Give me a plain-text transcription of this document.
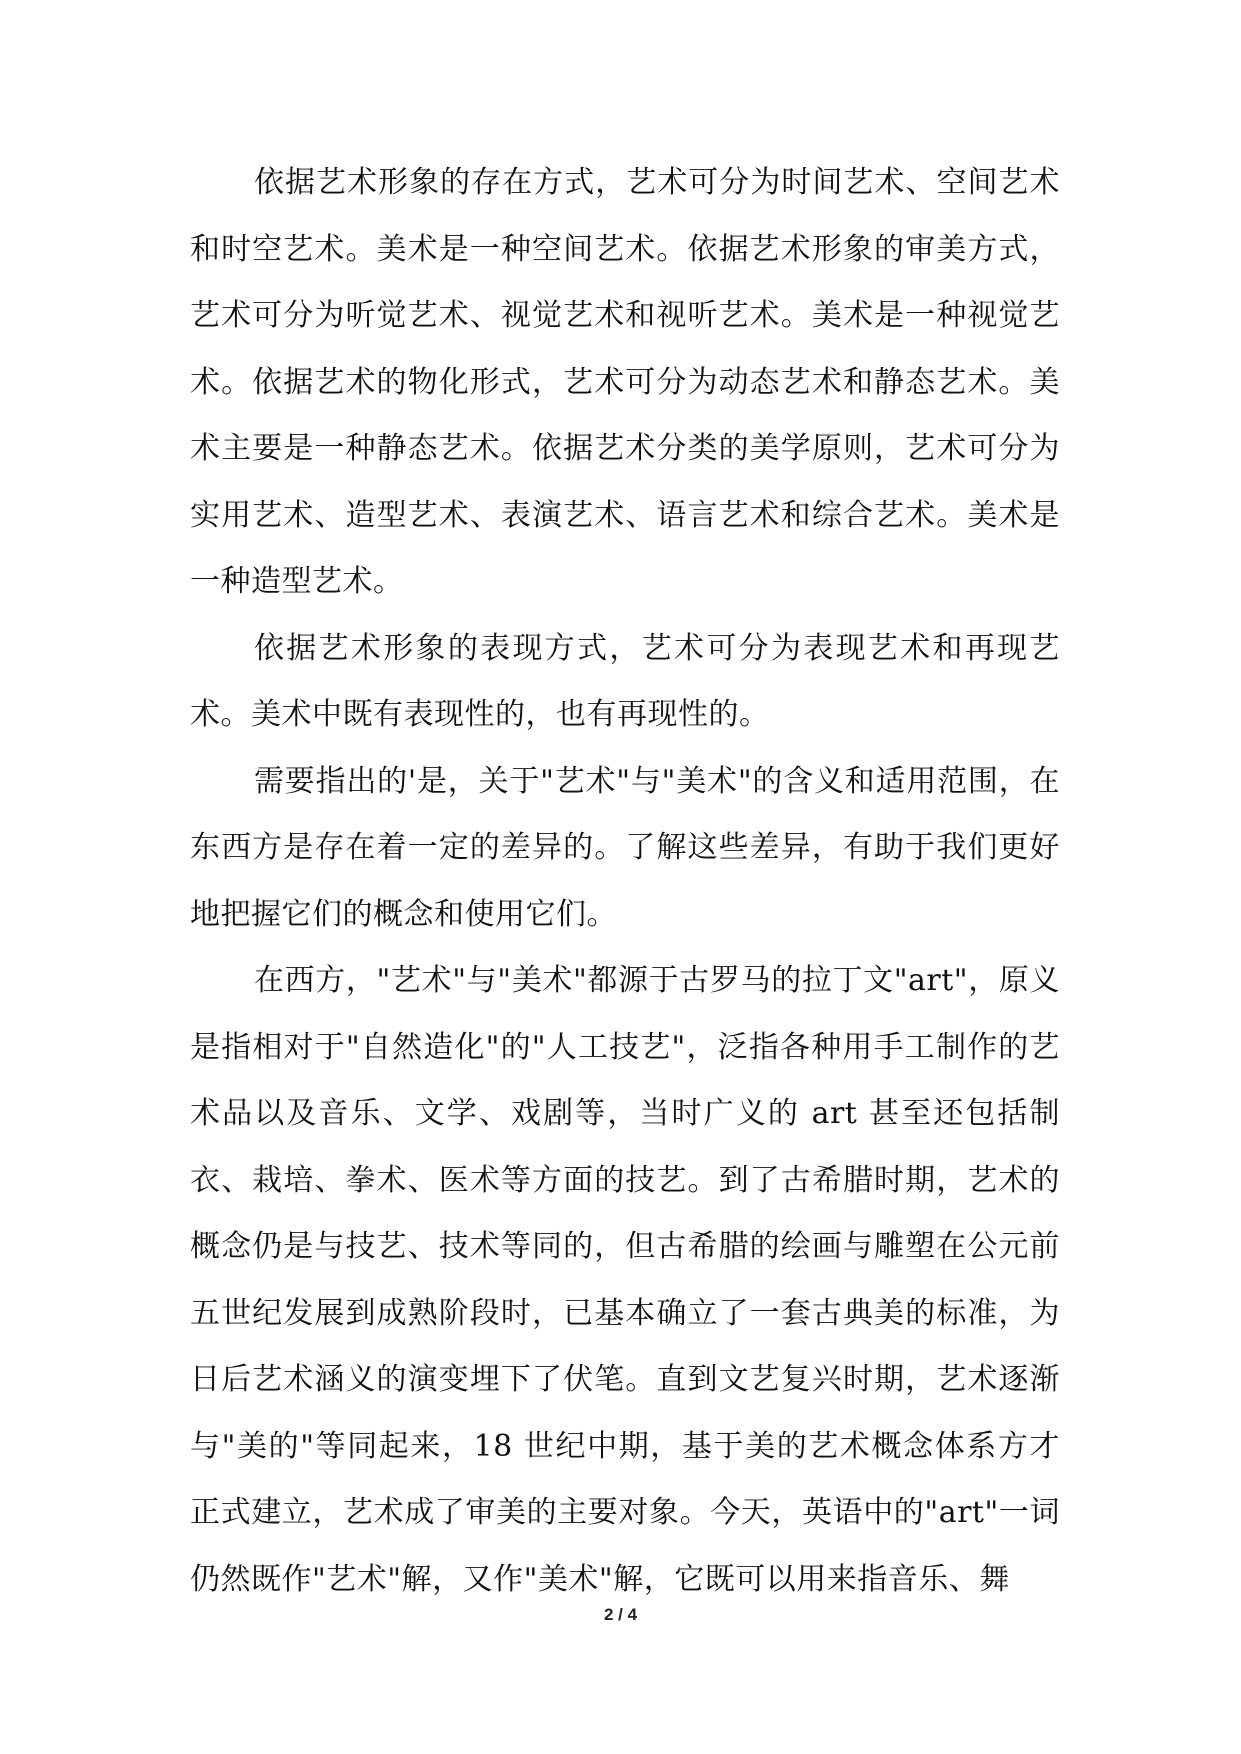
依据艺术形象的存在方式，艺术可分为时间艺术、空间艺术和时空艺术。美术是一种空间艺术。依据艺术形象的审美方式，艺术可分为听觉艺术、视觉艺术和视听艺术。美术是一种视觉艺术。依据艺术的物化形式，艺术可分为动态艺术和静态艺术。美术主要是一种静态艺术。依据艺术分类的美学原则，艺术可分为实用艺术、造型艺术、表演艺术、语言艺术和综合艺术。美术是一种造型艺术。

依据艺术形象的表现方式，艺术可分为表现艺术和再现艺术。美术中既有表现性的，也有再现性的。

需要指出的'是，关于"艺术"与"美术"的含义和适用范围，在东西方是存在着一定的差异的。了解这些差异，有助于我们更好地把握它们的概念和使用它们。

在西方，"艺术"与"美术"都源于古罗马的拉丁文"art"，原义是指相对于"自然造化"的"人工技艺"，泛指各种用手工制作的艺术品以及音乐、文学、戏剧等，当时广义的 art 甚至还包括制衣、栽培、拳术、医术等方面的技艺。到了古希腊时期，艺术的概念仍是与技艺、技术等同的，但古希腊的绘画与雕塑在公元前五世纪发展到成熟阶段时，已基本确立了一套古典美的标准，为日后艺术涵义的演变埋下了伏笔。直到文艺复兴时期，艺术逐渐与"美的"等同起来，18 世纪中期，基于美的艺术概念体系方才正式建立，艺术成了审美的主要对象。今天，英语中的"art"一词仍然既作"艺术"解，又作"美术"解，它既可以用来指音乐、舞

2 / 4
